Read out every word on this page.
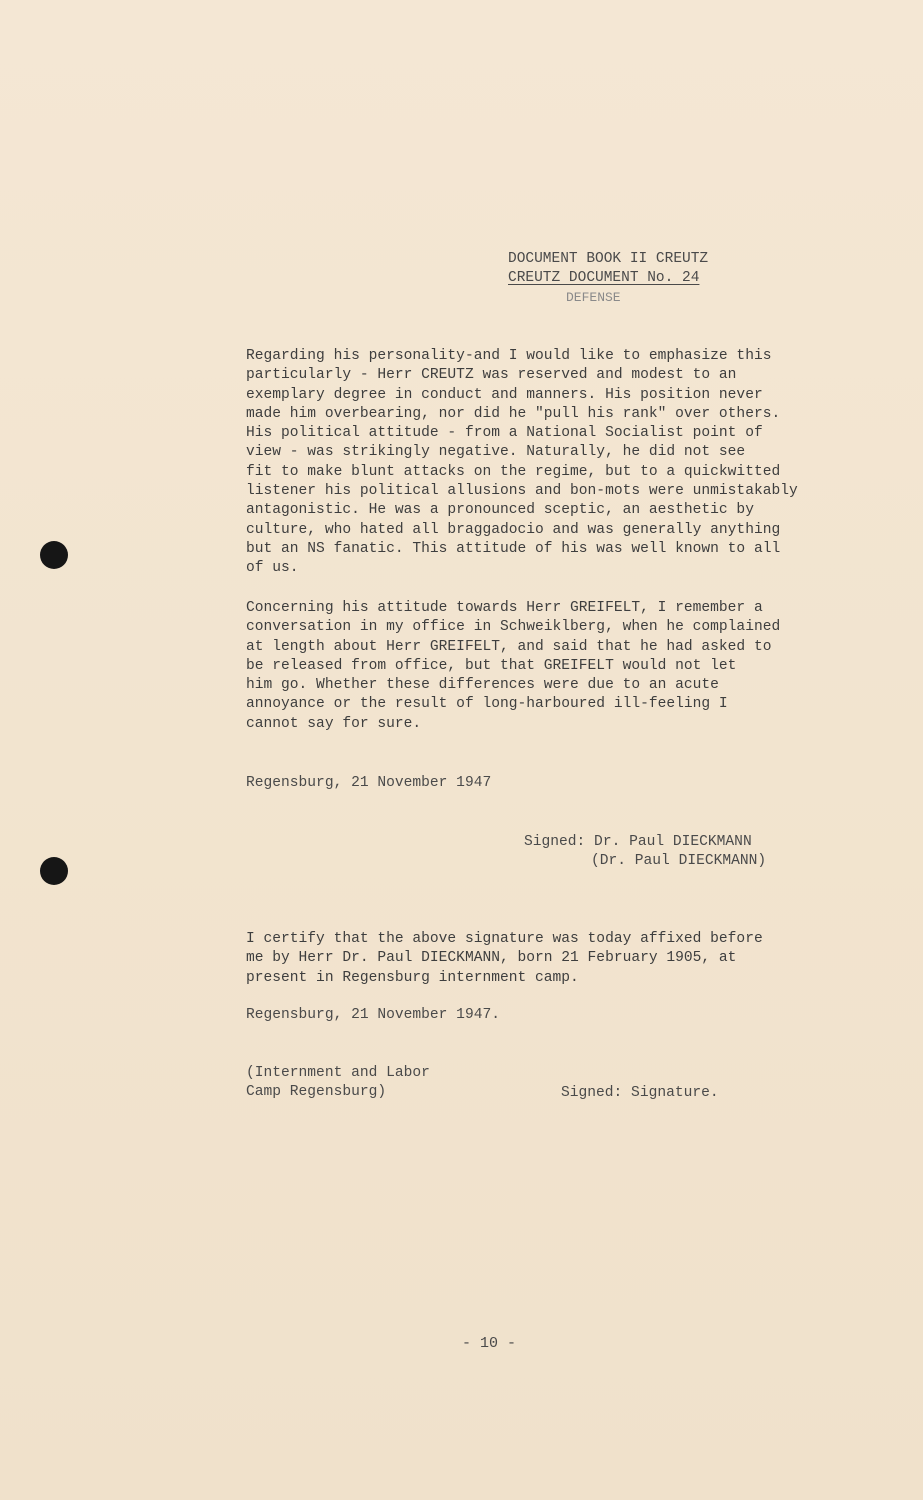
DOCUMENT BOOK II CREUTZ
CREUTZ DOCUMENT No. 24
DEFENSE
Regarding his personality-and I would like to emphasize this
particularly - Herr CREUTZ was reserved and modest to an
exemplary degree in conduct and manners. His position never
made him overbearing, nor did he "pull his rank" over others.
His political attitude - from a National Socialist point of
view - was strikingly negative. Naturally, he did not see
fit to make blunt attacks on the regime, but to a quickwitted
listener his political allusions and bon-mots were unmistakably
antagonistic. He was a pronounced sceptic, an aesthetic by
culture, who hated all braggadocio and was generally anything
but an NS fanatic. This attitude of his was well known to all
of us.
Concerning his attitude towards Herr GREIFELT, I remember a
conversation in my office in Schweiklberg, when he complained
at length about Herr GREIFELT, and said that he had asked to
be released from office, but that GREIFELT would not let
him go. Whether these differences were due to an acute
annoyance or the result of long-harboured ill-feeling I
cannot say for sure.
Regensburg, 21 November 1947
Signed: Dr. Paul DIECKMANN
(Dr. Paul DIECKMANN)
I certify that the above signature was today affixed before
me by Herr Dr. Paul DIECKMANN, born 21 February 1905, at
present in Regensburg internment camp.
Regensburg, 21 November 1947.
(Internment and Labor
Camp Regensburg)	Signed: Signature.
- 10 -
